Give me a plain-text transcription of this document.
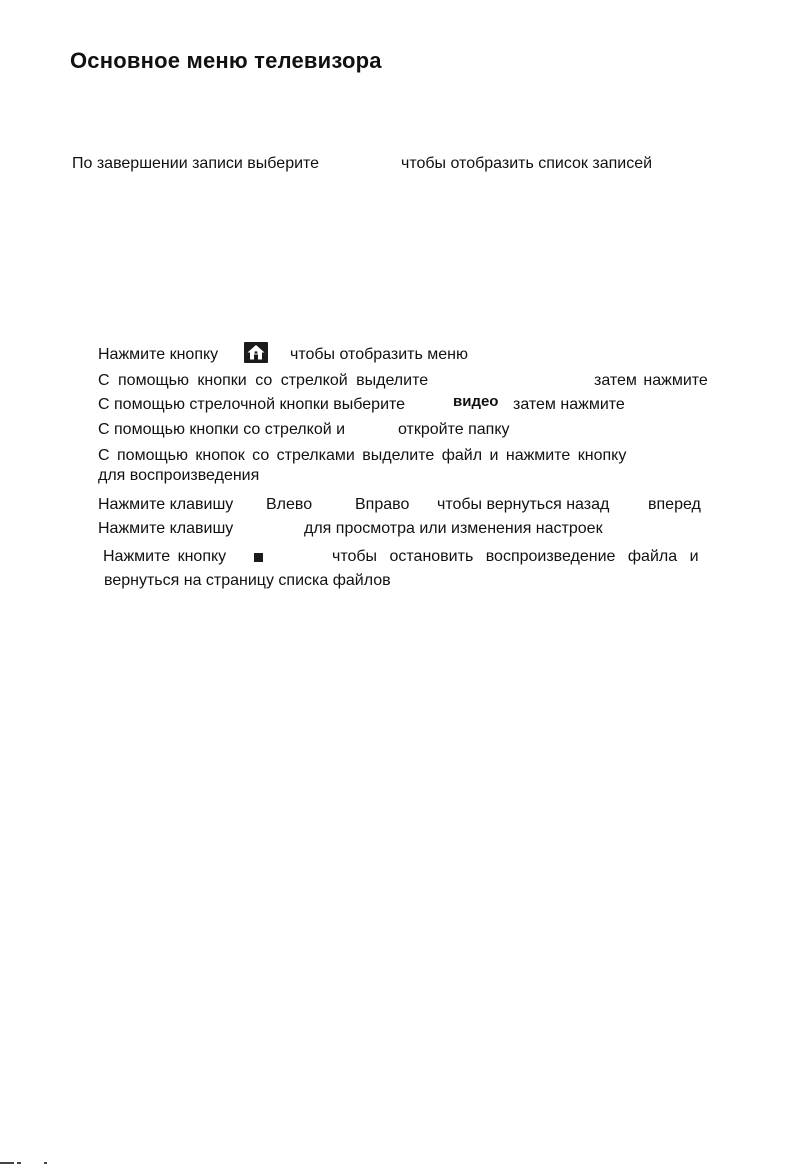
Основное меню телевизора
По завершении записи выберите	чтобы отобразить список записей
Нажмите кнопку	чтобы отобразить меню
С помощью кнопки со стрелкой выделите	затем нажмите
С помощью стрелочной кнопки выберите	видео затем нажмите
С помощью кнопки со стрелкой и	откройте папку
С помощью кнопок со стрелками выделите файл и нажмите кнопку
для воспроизведения
Нажмите клавишу Влево	Вправо чтобы вернуться назад вперед
Нажмите клавишу	для просмотра или изменения настроек
Нажмите кнопку	чтобы остановить воспроизведение файла и
вернуться на страницу списка файлов
